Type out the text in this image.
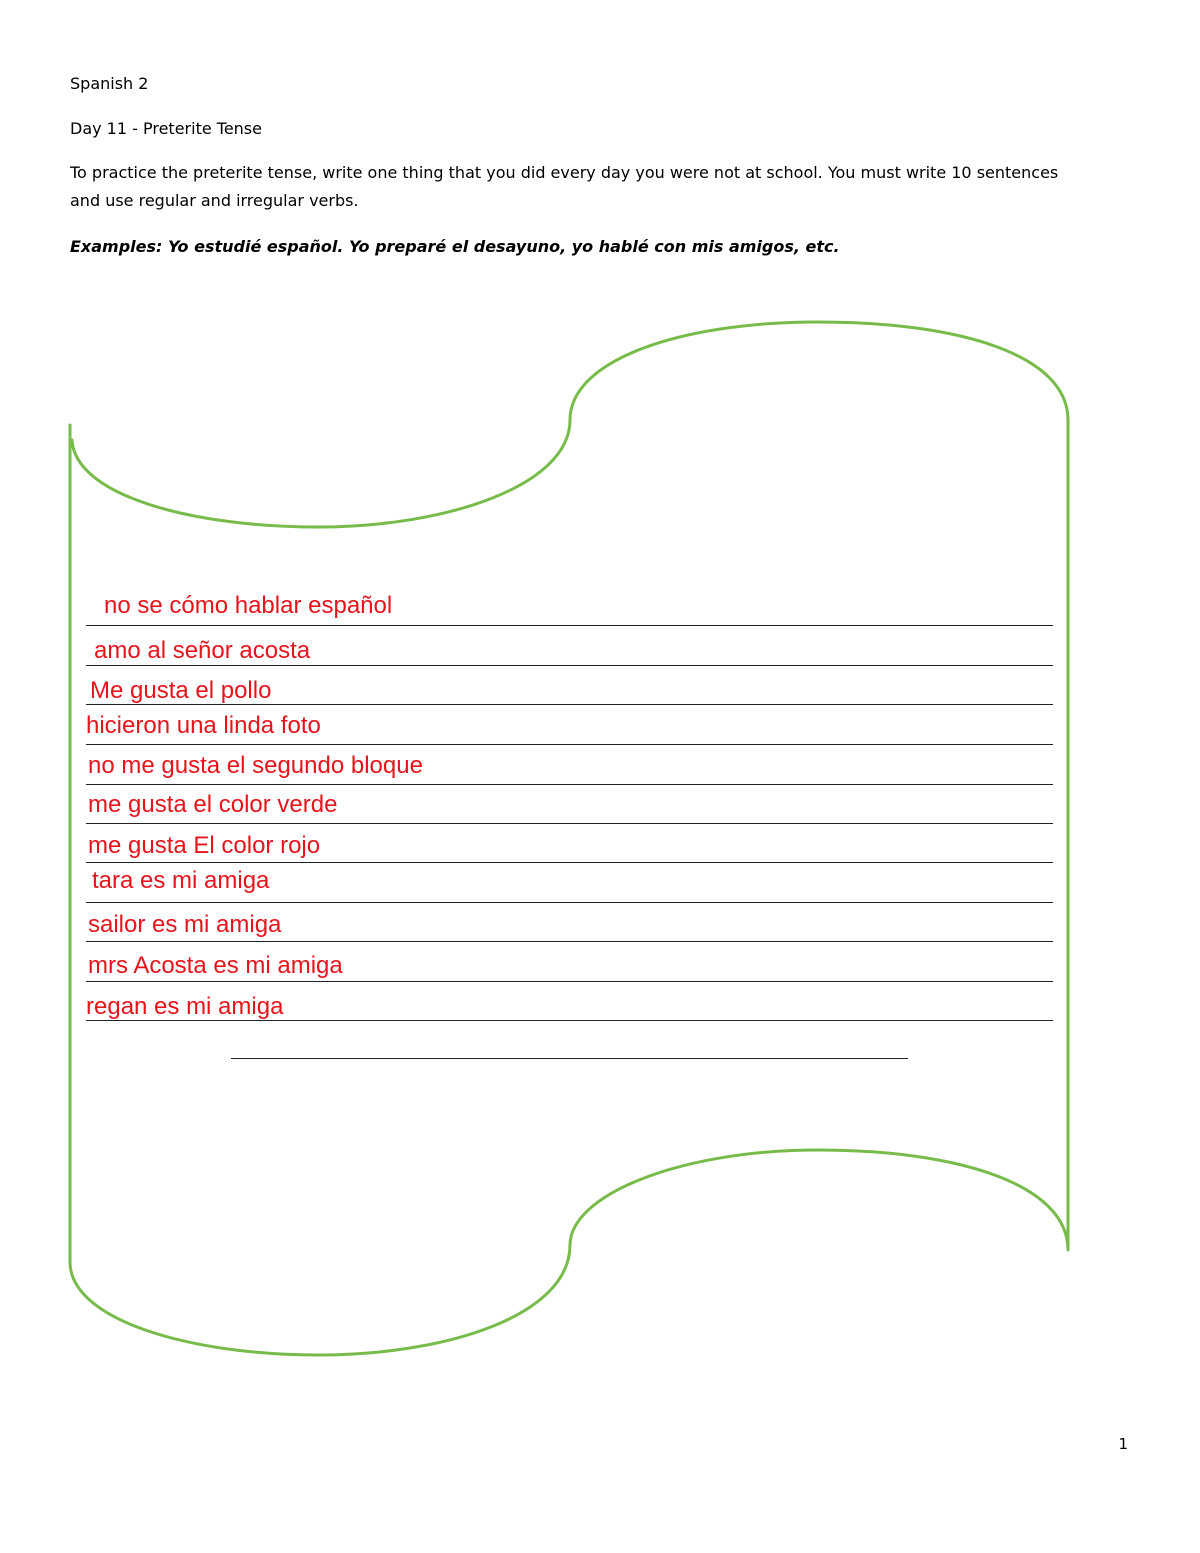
Spanish 2

Day 11 - Preterite Tense

To practice the preterite tense, write one thing that you did every day you were not at school. You must write 10 sentences and use regular and irregular verbs.

Examples: Yo estudié español. Yo preparé el desayuno, yo hablé con mis amigos, etc.

no se cómo hablar español
amo al señor acosta
Me gusta el pollo
hicieron una linda foto
no me gusta el segundo bloque
me gusta el color verde
me gusta El color rojo
tara es mi amiga
sailor es mi amiga
mrs Acosta es mi amiga
regan es mi amiga
1
